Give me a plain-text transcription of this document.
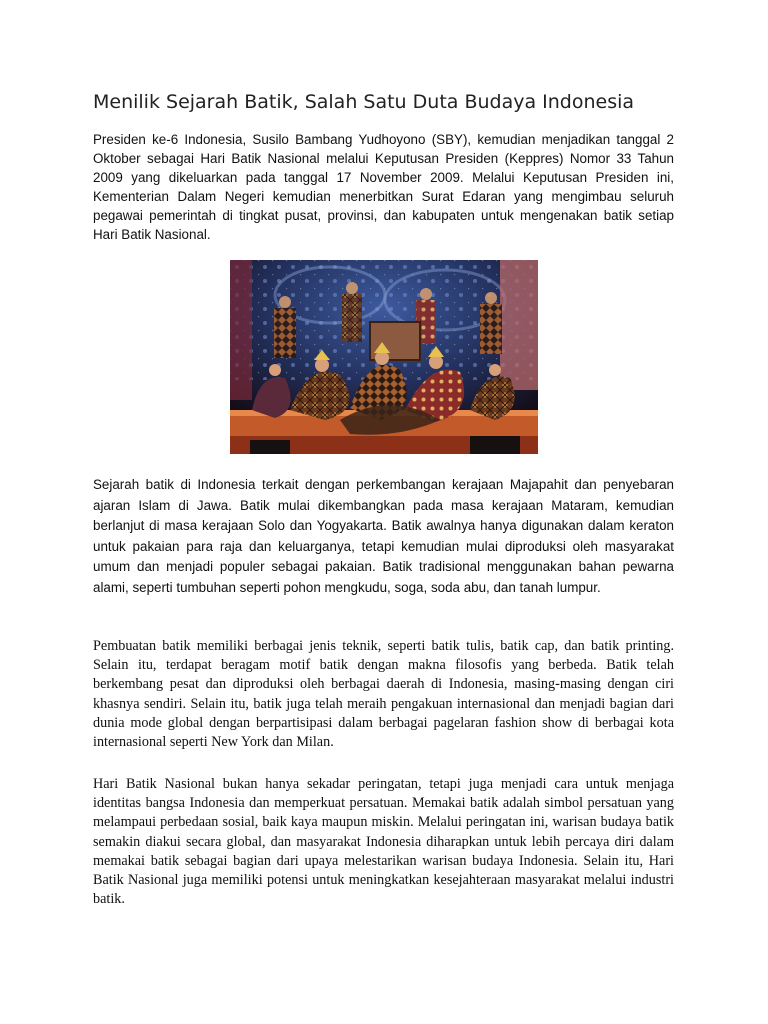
Menilik Sejarah Batik, Salah Satu Duta Budaya Indonesia

Presiden ke-6 Indonesia, Susilo Bambang Yudhoyono (SBY), kemudian menjadikan tanggal 2 Oktober sebagai Hari Batik Nasional melalui Keputusan Presiden (Keppres) Nomor 33 Tahun 2009 yang dikeluarkan pada tanggal 17 November 2009. Melalui Keputusan Presiden ini, Kementerian Dalam Negeri kemudian menerbitkan Surat Edaran yang mengimbau seluruh pegawai pemerintah di tingkat pusat, provinsi, dan kabupaten untuk mengenakan batik setiap Hari Batik Nasional.

Sejarah batik di Indonesia terkait dengan perkembangan kerajaan Majapahit dan penyebaran ajaran Islam di Jawa. Batik mulai dikembangkan pada masa kerajaan Mataram, kemudian berlanjut di masa kerajaan Solo dan Yogyakarta. Batik awalnya hanya digunakan dalam keraton untuk pakaian para raja dan keluarganya, tetapi kemudian mulai diproduksi oleh masyarakat umum dan menjadi populer sebagai pakaian. Batik tradisional menggunakan bahan pewarna alami, seperti tumbuhan seperti pohon mengkudu, soga, soda abu, dan tanah lumpur.

Pembuatan batik memiliki berbagai jenis teknik, seperti batik tulis, batik cap, dan batik printing. Selain itu, terdapat beragam motif batik dengan makna filosofis yang berbeda. Batik telah berkembang pesat dan diproduksi oleh berbagai daerah di Indonesia, masing-masing dengan ciri khasnya sendiri. Selain itu, batik juga telah meraih pengakuan internasional dan menjadi bagian dari dunia mode global dengan berpartisipasi dalam berbagai pagelaran fashion show di berbagai kota internasional seperti New York dan Milan.

Hari Batik Nasional bukan hanya sekadar peringatan, tetapi juga menjadi cara untuk menjaga identitas bangsa Indonesia dan memperkuat persatuan. Memakai batik adalah simbol persatuan yang melampaui perbedaan sosial, baik kaya maupun miskin. Melalui peringatan ini, warisan budaya batik semakin diakui secara global, dan masyarakat Indonesia diharapkan untuk lebih percaya diri dalam memakai batik sebagai bagian dari upaya melestarikan warisan budaya Indonesia. Selain itu, Hari Batik Nasional juga memiliki potensi untuk meningkatkan kesejahteraan masyarakat melalui industri batik.
